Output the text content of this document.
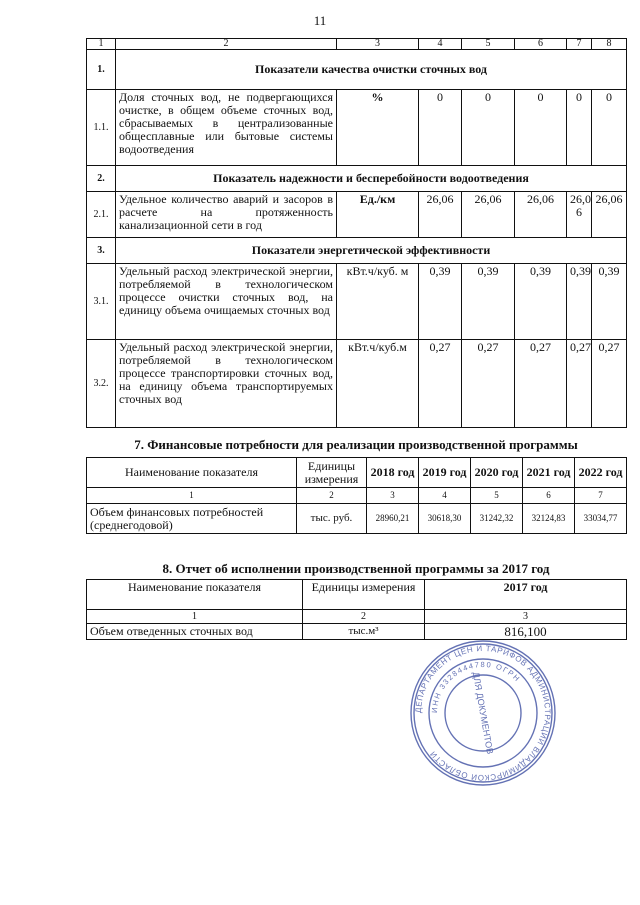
11
1	2	3	4	5	6	7	8
1.	Показатели качества очистки сточных вод						
1.1.	Доля сточных вод, не подвергающихся очистке, в общем объеме сточных вод, сбрасываемых в централизованные общесплавные или бытовые системы водоотведения	%	0	0	0	0	0
2.	Показатель надежности и бесперебойности водоотведения						
2.1.	Удельное количество аварий и засоров в расчете на протяженность канализационной сети в год	Ед./км	26,06	26,06	26,06	26,0 6	26,06
3.	Показатели энергетической эффективности						
3.1.	Удельный расход электрической энергии, потребляемой в технологическом процессе очистки сточных вод, на единицу объема очищаемых сточных вод	кВт.ч/куб. м	0,39	0,39	0,39	0,39	0,39
3.2.	Удельный расход электрической энергии, потребляемой в технологическом процессе транспортировки сточных вод, на единицу объема транспортируемых сточных вод	кВт.ч/куб.м	0,27	0,27	0,27	0,27	0,27
7. Финансовые потребности для реализации производственной программы
Наименование показателя	Единицы измерения	2018 год	2019 год	2020 год	2021 год	2022 год
1	2	3	4	5	6	7
Объем финансовых потребностей (среднегодовой)	тыс. руб.	28960,21	30618,30	31242,32	32124,83	33034,77
8. Отчет об исполнении производственной программы за 2017 год
Наименование показателя	Единицы измерения	2017 год
1	2	3
Объем отведенных сточных вод	тыс.м³	816,100
ДЕПАРТАМЕНТ ЦЕН И ТАРИФОВ АДМИНИСТРАЦИИ ВЛАДИМИРСКОЙ ОБЛАСТИ
ИНН 3328444780 ОГРН
ДЛЯ ДОКУМЕНТОВ
